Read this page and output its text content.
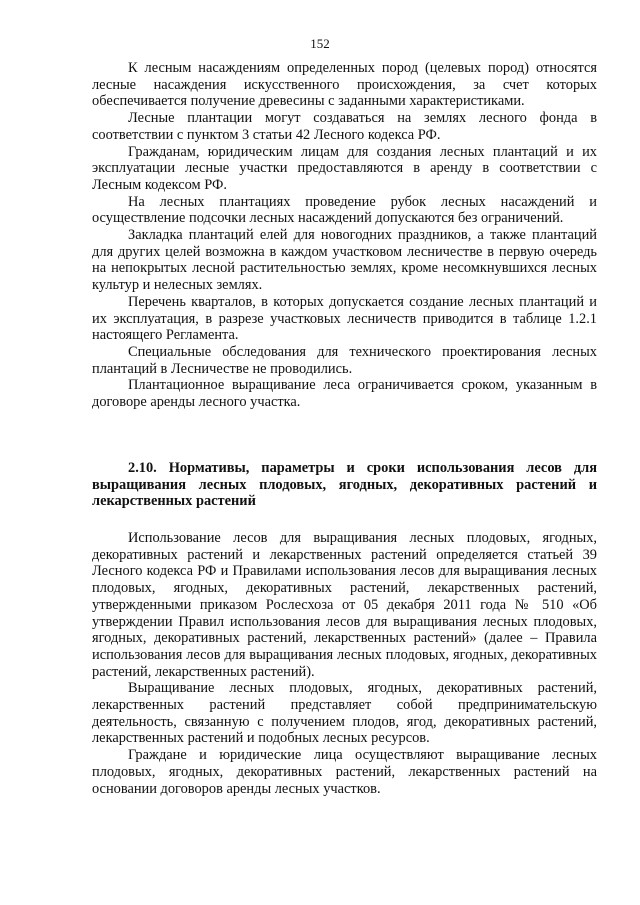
152

К лесным насаждениям определенных пород (целевых пород) относятся лесные насаждения искусственного происхождения, за счет которых обеспечивается получение древесины с заданными характеристиками.

Лесные плантации могут создаваться на землях лесного фонда в соответствии с пунктом 3 статьи 42 Лесного кодекса РФ.

Гражданам, юридическим лицам для создания лесных плантаций и их эксплуатации лесные участки предоставляются в аренду в соответствии с Лесным кодексом РФ.

На лесных плантациях проведение рубок лесных насаждений и осуществление подсочки лесных насаждений допускаются без ограничений.

Закладка плантаций елей для новогодних праздников, а также плантаций для других целей возможна в каждом участковом лесничестве в первую очередь на непокрытых лесной растительностью землях, кроме несомкнувшихся лесных культур и нелесных землях.

Перечень кварталов, в которых допускается создание лесных плантаций и их эксплуатация, в разрезе участковых лесничеств приводится в таблице 1.2.1 настоящего Регламента.

Специальные обследования для технического проектирования лесных плантаций в Лесничестве не проводились.

Плантационное выращивание леса ограничивается сроком, указанным в договоре аренды лесного участка.

2.10. Нормативы, параметры и сроки использования лесов для выращивания лесных плодовых, ягодных, декоративных растений и лекарственных растений

Использование лесов для выращивания лесных плодовых, ягодных, декоративных растений и лекарственных растений определяется статьей 39 Лесного кодекса РФ и Правилами использования лесов для выращивания лесных плодовых, ягодных, декоративных растений, лекарственных растений, утвержденными приказом Рослесхоза от 05 декабря 2011 года № 510 «Об утверждении Правил использования лесов для выращивания лесных плодовых, ягодных, декоративных растений, лекарственных растений» (далее – Правила использования лесов для выращивания лесных плодовых, ягодных, декоративных растений, лекарственных растений).

Выращивание лесных плодовых, ягодных, декоративных растений, лекарственных растений представляет собой предпринимательскую деятельность, связанную с получением плодов, ягод, декоративных растений, лекарственных растений и подобных лесных ресурсов.

Граждане и юридические лица осуществляют выращивание лесных плодовых, ягодных, декоративных растений, лекарственных растений на основании договоров аренды лесных участков.
